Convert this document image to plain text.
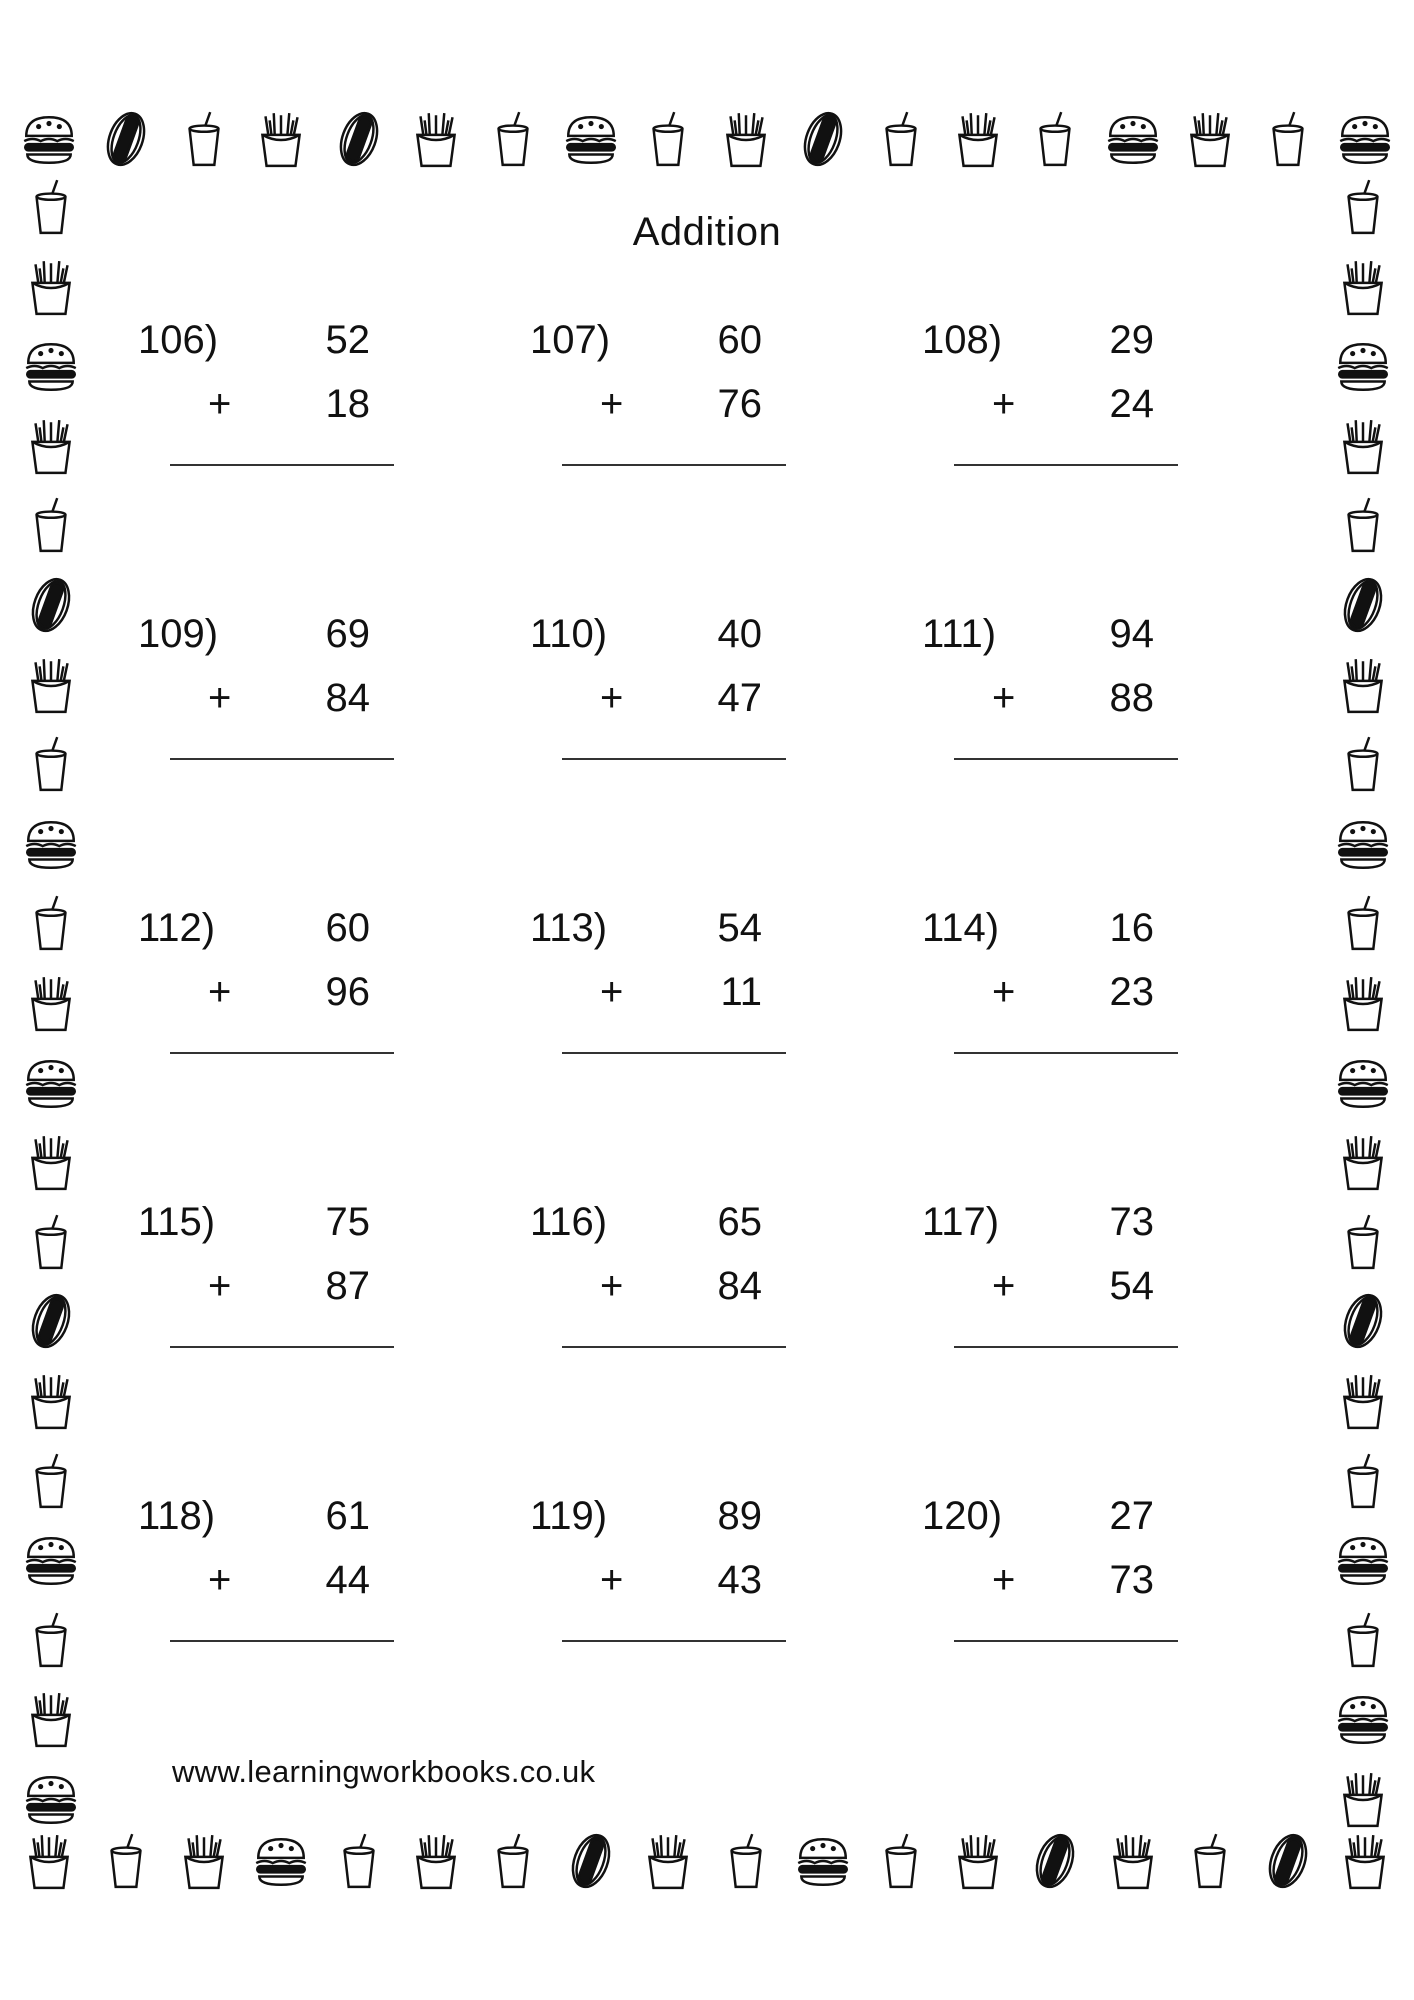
Addition
106)	52
+	18
107)	60
+	76
108)	29
+	24
109)	69
+	84
110)	40
+	47
111)	94
+	88
112)	60
+	96
113)	54
+	11
114)	16
+	23
115)	75
+	87
116)	65
+	84
117)	73
+	54
118)	61
+	44
119)	89
+	43
120)	27
+	73
www.learningworkbooks.co.uk
